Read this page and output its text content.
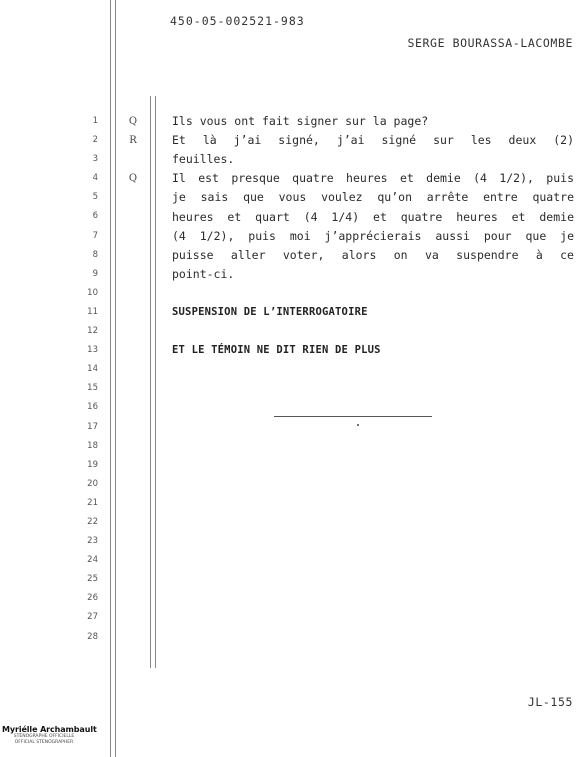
450-05-002521-983
SERGE BOURASSA-LACOMBE
1
2
3
4
5
6
7
8
9
10
11
12
13
14
15
16
17
18
19
20
21
22
23
24
25
26
27
28
Q
R
Q
Ils vous ont fait signer sur la page?
Et là j’ai signé, j’ai signé sur les deux (2)
feuilles.
Il est presque quatre heures et demie (4 1/2), puis
je sais que vous voulez qu’on arrête entre quatre
heures et quart (4 1/4) et quatre heures et demie
(4 1/2), puis moi j’apprécierais aussi pour que je
puisse aller voter, alors on va suspendre à ce
point-ci.
SUSPENSION DE L’INTERROGATOIRE
ET LE TÉMOIN NE DIT RIEN DE PLUS
JL-155
Myriélle Archambault
STÉNOGRAPHE OFFICIELLE
OFFICIAL STENOGRAPHER
